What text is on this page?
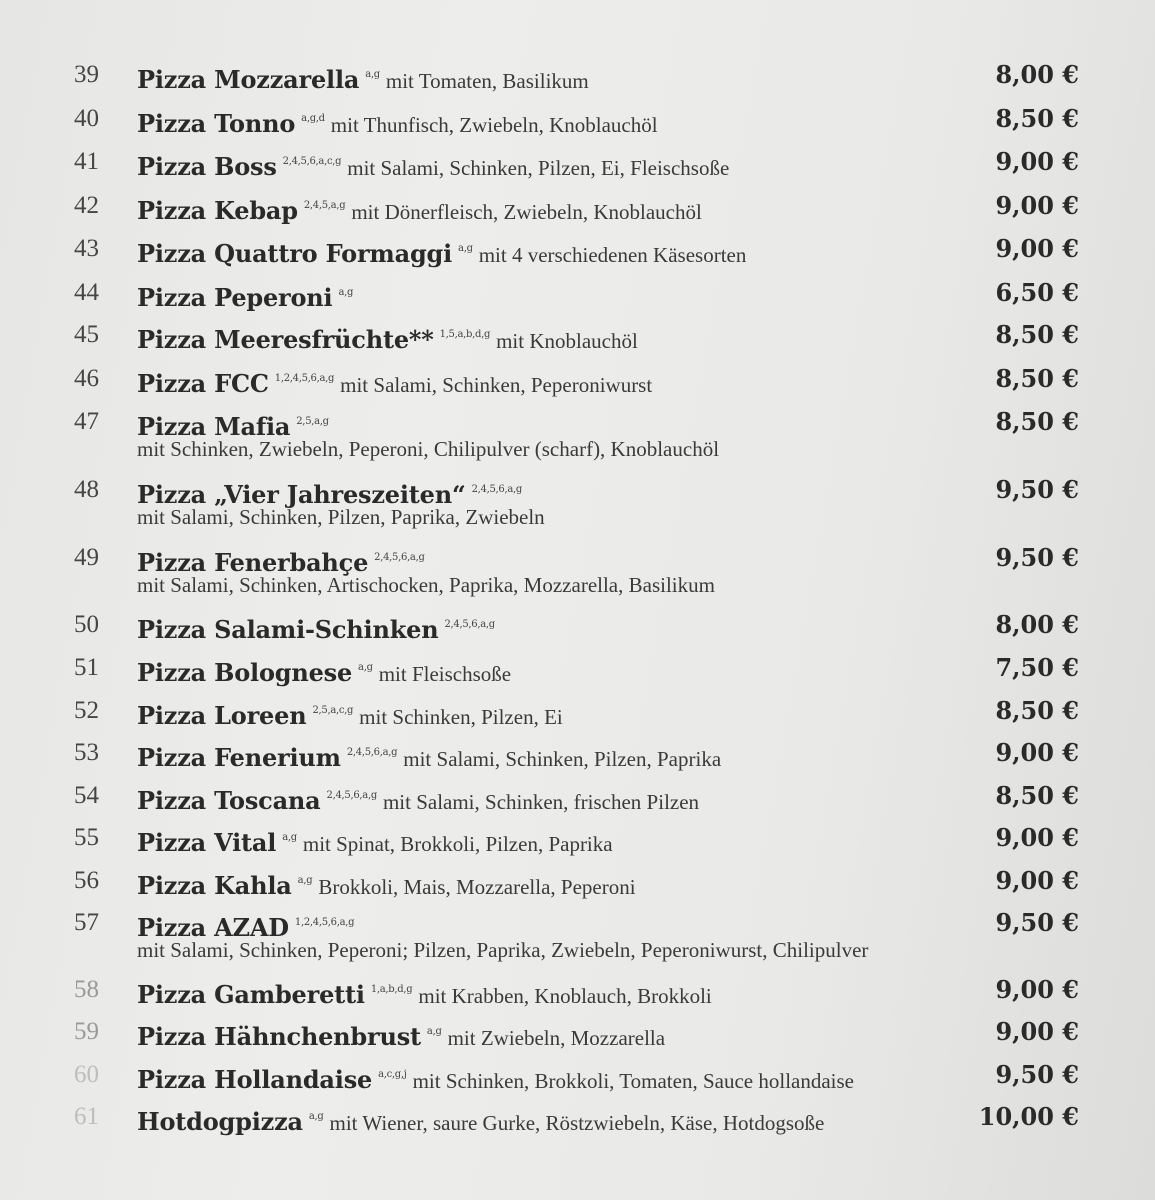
39 Pizza Mozzarella $^{a,g}$ mit Tomaten, Basilikum	8,00 €
40 Pizza Tonno $^{a,g,d}$ mit Thunfisch, Zwiebeln, Knoblauchöl	8,50 €
41 Pizza Boss $^{2,4,5,6,a,c,g}$ mit Salami, Schinken, Pilzen, Ei, Fleischsoße	9,00 €
42 Pizza Kebap $^{2,4,5,a,g}$ mit Dönerfleisch, Zwiebeln, Knoblauchöl	9,00 €
43 Pizza Quattro Formaggi $^{a,g}$ mit 4 verschiedenen Käsesorten	9,00 €
44 Pizza Peperoni $^{a,g}$	6,50 €
45 Pizza Meeresfrüchte** $^{1,5,a,b,d,g}$ mit Knoblauchöl	8,50 €
46 Pizza FCC $^{1,2,4,5,6,a,g}$ mit Salami, Schinken, Peperoniwurst	8,50 €
47 Pizza Mafia $^{2,5,a,g}$
mit Schinken, Zwiebeln, Peperoni, Chilipulver (scharf), Knoblauchöl
8,50 €
48 Pizza „Vier Jahreszeiten“ $^{2,4,5,6,a,g}$
mit Salami, Schinken, Pilzen, Paprika, Zwiebeln
9,50 €
49 Pizza Fenerbahçe $^{2,4,5,6,a,g}$
mit Salami, Schinken, Artischocken, Paprika, Mozzarella, Basilikum
9,50 €
50 Pizza Salami-Schinken $^{2,4,5,6,a,g}$	8,00 €
51 Pizza Bolognese $^{a,g}$ mit Fleischsoße	7,50 €
52 Pizza Loreen $^{2,5,a,c,g}$ mit Schinken, Pilzen, Ei	8,50 €
53 Pizza Fenerium $^{2,4,5,6,a,g}$ mit Salami, Schinken, Pilzen, Paprika	9,00 €
54 Pizza Toscana $^{2,4,5,6,a,g}$ mit Salami, Schinken, frischen Pilzen	8,50 €
55 Pizza Vital $^{a,g}$ mit Spinat, Brokkoli, Pilzen, Paprika	9,00 €
56 Pizza Kahla $^{a,g}$ Brokkoli, Mais, Mozzarella, Peperoni	9,00 €
57 Pizza AZAD $^{1,2,4,5,6,a,g}$
mit Salami, Schinken, Peperoni; Pilzen, Paprika, Zwiebeln, Peperoniwurst, Chilipulver
9,50 €
58 Pizza Gamberetti $^{1,a,b,d,g}$ mit Krabben, Knoblauch, Brokkoli	9,00 €
59 Pizza Hähnchenbrust $^{a,g}$ mit Zwiebeln, Mozzarella	9,00 €
60 Pizza Hollandaise $^{a,c,g,j}$ mit Schinken, Brokkoli, Tomaten, Sauce hollandaise	9,50 €
61 Hotdogpizza $^{a,g}$ mit Wiener, saure Gurke, Röstzwiebeln, Käse, Hotdogsoße	10,00 €
